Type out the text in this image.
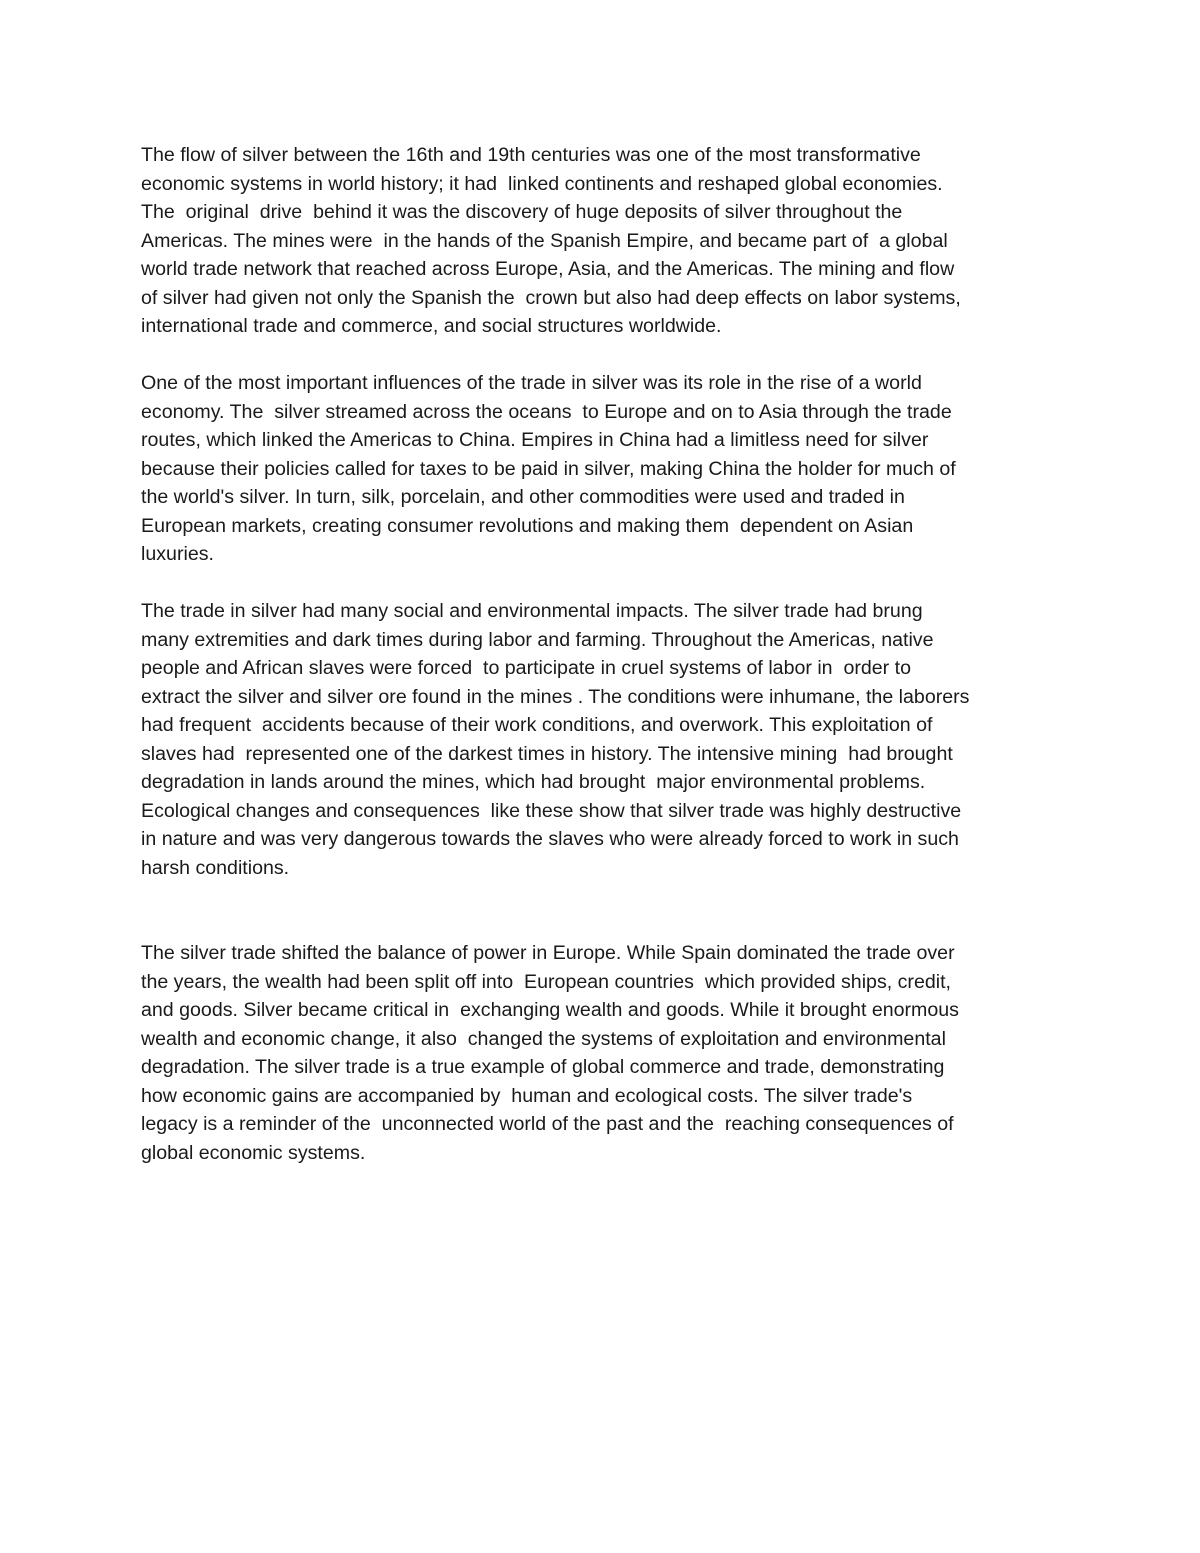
The flow of silver between the 16th and 19th centuries was one of the most transformative
economic systems in world history; it had  linked continents and reshaped global economies.
The  original  drive  behind it was the discovery of huge deposits of silver throughout the
Americas. The mines were  in the hands of the Spanish Empire, and became part of  a global
world trade network that reached across Europe, Asia, and the Americas. The mining and flow
of silver had given not only the Spanish the  crown but also had deep effects on labor systems,
international trade and commerce, and social structures worldwide.
One of the most important influences of the trade in silver was its role in the rise of a world
economy. The  silver streamed across the oceans  to Europe and on to Asia through the trade
routes, which linked the Americas to China. Empires in China had a limitless need for silver
because their policies called for taxes to be paid in silver, making China the holder for much of
the world's silver. In turn, silk, porcelain, and other commodities were used and traded in
European markets, creating consumer revolutions and making them  dependent on Asian
luxuries.
The trade in silver had many social and environmental impacts. The silver trade had brung
many extremities and dark times during labor and farming. Throughout the Americas, native
people and African slaves were forced  to participate in cruel systems of labor in  order to
extract the silver and silver ore found in the mines . The conditions were inhumane, the laborers
had frequent  accidents because of their work conditions, and overwork. This exploitation of
slaves had  represented one of the darkest times in history. The intensive mining  had brought
degradation in lands around the mines, which had brought  major environmental problems.
Ecological changes and consequences  like these show that silver trade was highly destructive
in nature and was very dangerous towards the slaves who were already forced to work in such
harsh conditions.
The silver trade shifted the balance of power in Europe. While Spain dominated the trade over
the years, the wealth had been split off into  European countries  which provided ships, credit,
and goods. Silver became critical in  exchanging wealth and goods. While it brought enormous
wealth and economic change, it also  changed the systems of exploitation and environmental
degradation. The silver trade is a true example of global commerce and trade, demonstrating
how economic gains are accompanied by  human and ecological costs. The silver trade's
legacy is a reminder of the  unconnected world of the past and the  reaching consequences of
global economic systems.
